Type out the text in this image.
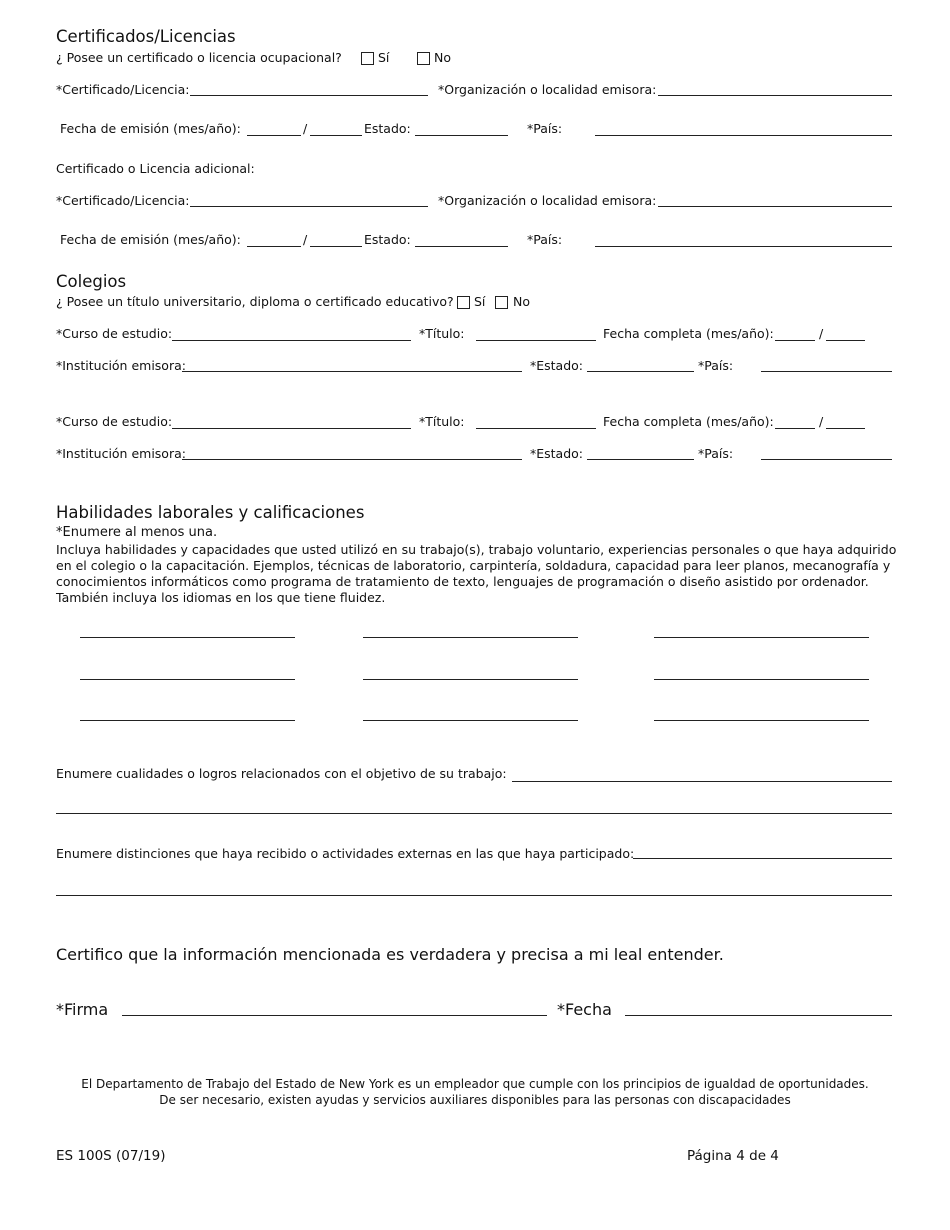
Certificados/Licencias
¿ Posee un certificado o licencia ocupacional?	Sí	No
*Certificado/Licencia:	*Organización o localidad emisora:
Fecha de emisión (mes/año):	/	Estado:	*País:
Certificado o Licencia adicional:
*Certificado/Licencia:	*Organización o localidad emisora:
Fecha de emisión (mes/año):	/	Estado:	*País:
Colegios
¿ Posee un título universitario, diploma o certificado educativo? Sí No
*Curso de estudio:	*Título:	Fecha completa (mes/año):	/
*Institución emisora:	*Estado:	*País:
*Curso de estudio:	*Título:	Fecha completa (mes/año):	/
*Institución emisora:	*Estado:	*País:
Habilidades laborales y calificaciones
*Enumere al menos una.
Incluya habilidades y capacidades que usted utilizó en su trabajo(s), trabajo voluntario, experiencias personales o que haya adquirido
en el colegio o la capacitación. Ejemplos, técnicas de laboratorio, carpintería, soldadura, capacidad para leer planos, mecanografía y
conocimientos informáticos como programa de tratamiento de texto, lenguajes de programación o diseño asistido por ordenador.
También incluya los idiomas en los que tiene fluidez.
Enumere cualidades o logros relacionados con el objetivo de su trabajo:
Enumere distinciones que haya recibido o actividades externas en las que haya participado:
Certifico que la información mencionada es verdadera y precisa a mi leal entender.
*Firma	*Fecha
El Departamento de Trabajo del Estado de New York es un empleador que cumple con los principios de igualdad de oportunidades.
De ser necesario, existen ayudas y servicios auxiliares disponibles para las personas con discapacidades
ES 100S (07/19)	Página 4 de 4
